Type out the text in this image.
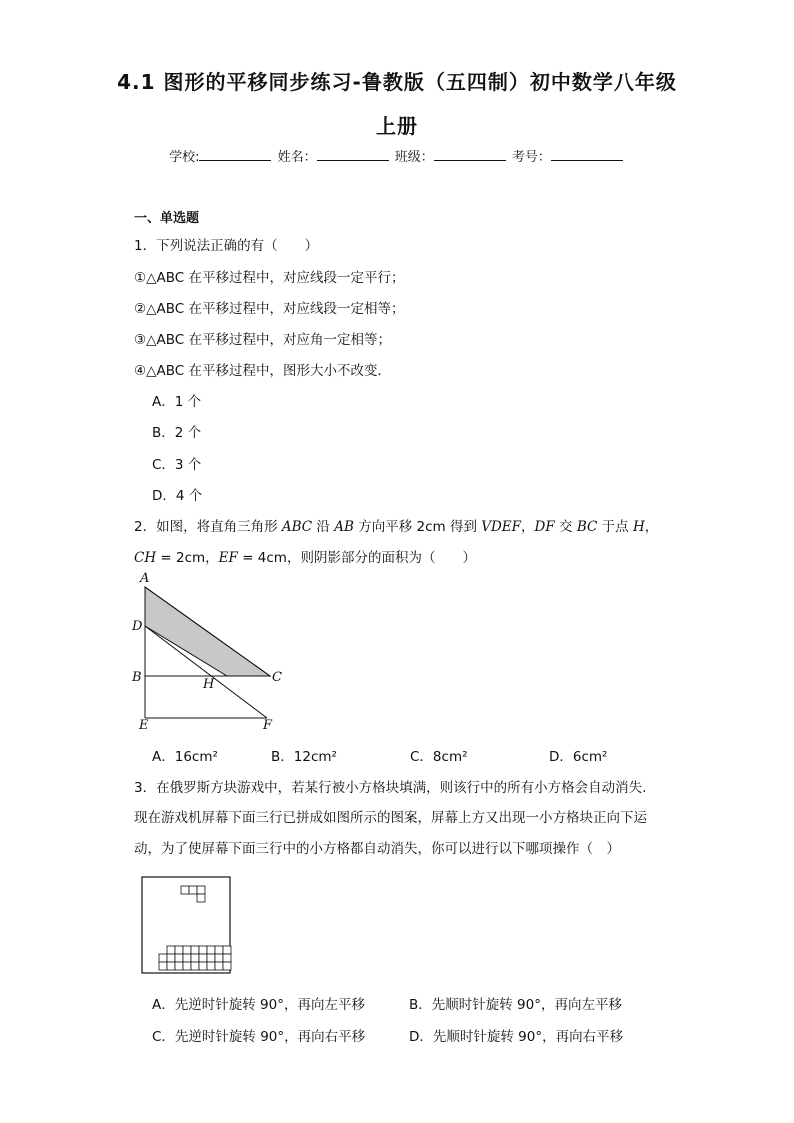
4.1 图形的平移同步练习-鲁教版（五四制）初中数学八年级
上册
学校:	姓名：	班级：	考号：
一、单选题
1．下列说法正确的有（　　）
①△ABC 在平移过程中，对应线段一定平行；
②△ABC 在平移过程中，对应线段一定相等；
③△ABC 在平移过程中，对应角一定相等；
④△ABC 在平移过程中，图形大小不改变．
A．1 个
B．2 个
C．3 个
D．4 个
2．如图，将直角三角形 ABC 沿 AB 方向平移 2cm 得到 VDEF，DF 交 BC 于点 H，
CH = 2cm，EF = 4cm，则阴影部分的面积为（　　）
A
D
B	H	C
E	F
A．16cm²	B．12cm²	C．8cm²	D．6cm²
3．在俄罗斯方块游戏中，若某行被小方格块填满，则该行中的所有小方格会自动消失.
现在游戏机屏幕下面三行已拼成如图所示的图案，屏幕上方又出现一小方格块正向下运
动，为了使屏幕下面三行中的小方格都自动消失，你可以进行以下哪项操作（　）
A．先逆时针旋转 90°，再向左平移	B．先顺时针旋转 90°，再向左平移
C．先逆时针旋转 90°，再向右平移	D．先顺时针旋转 90°，再向右平移
